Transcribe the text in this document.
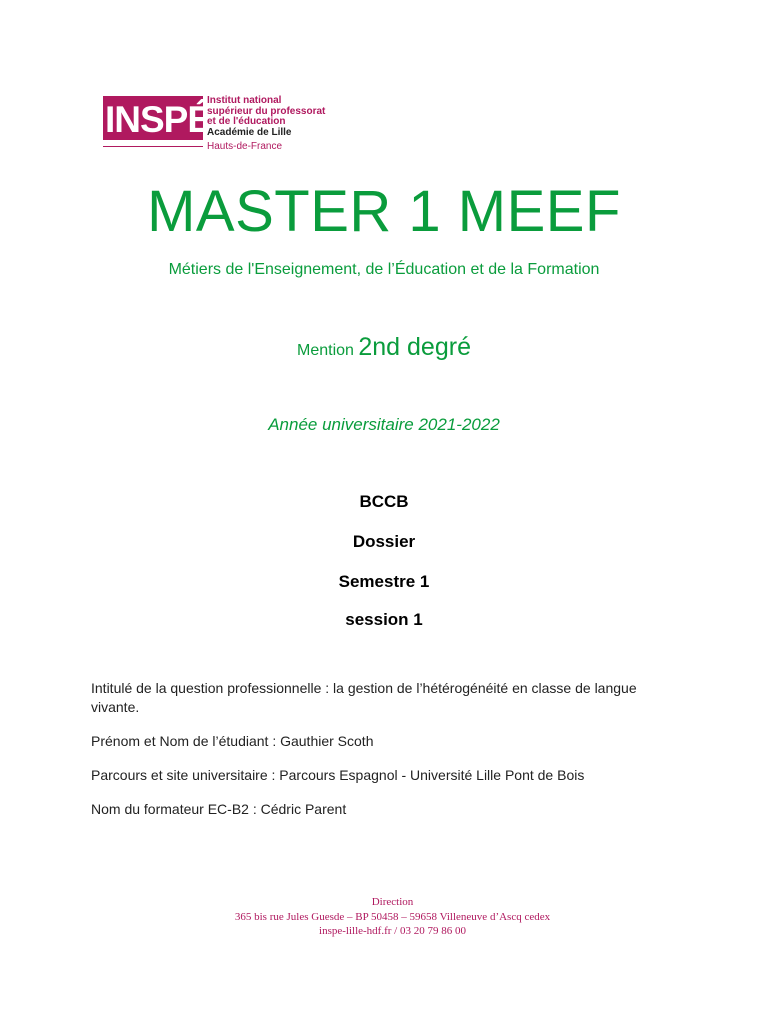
INSPÉ
Institut national
supérieur du professorat
et de l'éducation
Académie de Lille
Hauts-de-France
MASTER 1 MEEF
Métiers de l'Enseignement, de l’Éducation et de la Formation
Mention 2nd degré
Année universitaire 2021-2022
BCCB
Dossier
Semestre 1
session 1
Intitulé de la question professionnelle : la gestion de l’hétérogénéité en classe de langue vivante.
Prénom et Nom de l’étudiant : Gauthier Scoth
Parcours et site universitaire : Parcours Espagnol - Université Lille Pont de Bois
Nom du formateur EC-B2 : Cédric Parent
Direction
365 bis rue Jules Guesde – BP 50458 – 59658 Villeneuve d’Ascq cedex
inspe-lille-hdf.fr / 03 20 79 86 00
